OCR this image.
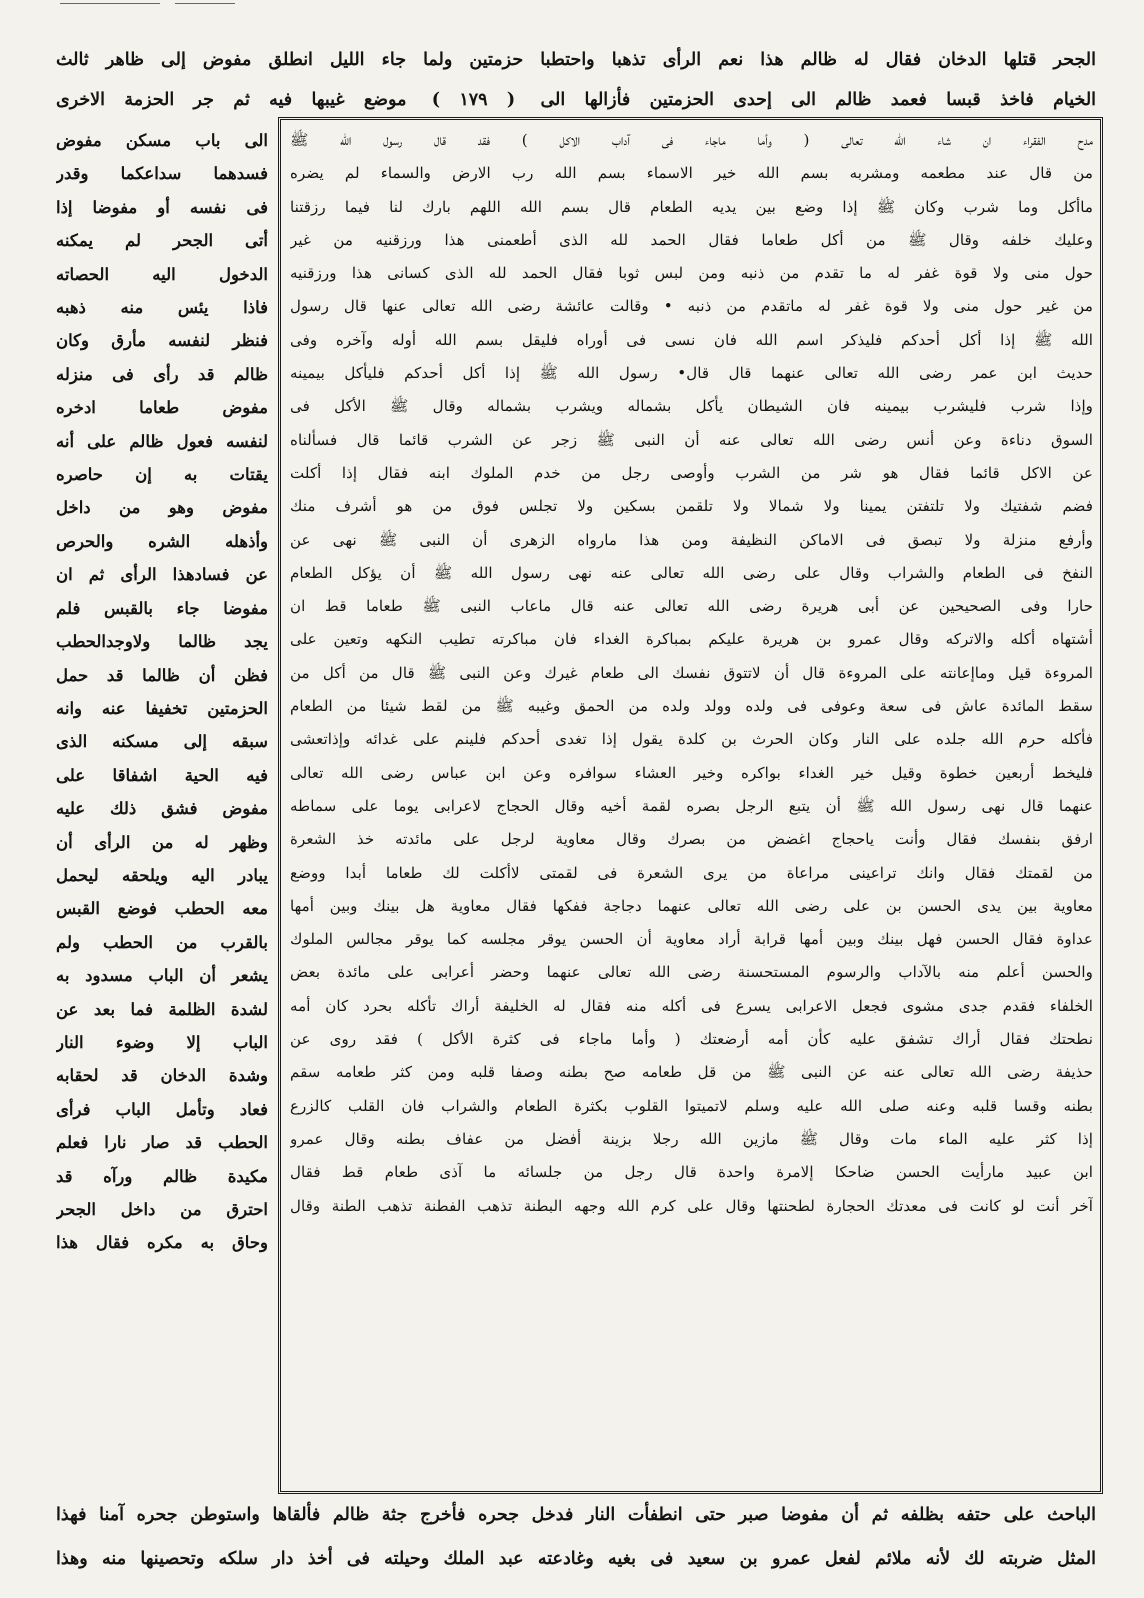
الجحر قتلها الدخان فقال له ظالم هذا نعم الرأى تذهبا واحتطبا حزمتين ولما جاء الليل انطلق مفوض إلى ظاهر ثالث
الخيام فاخذ قبسا فعمد ظالم الى إحدى الحزمتين فأزالها الى ( ١٧٩ ) موضع غيبها فيه ثم جر الحزمة الاخرى
الى باب مسكن مفوض
فسدهما سداعكما وقدر
فى نفسه أو مفوضا إذا
أتى الجحر لم يمكنه
الدخول اليه الحصاته
فاذا يئس منه ذهبه
فنظر لنفسه مأرق وكان
ظالم قد رأى فى منزله
مفوض طعاما ادخره
لنفسه فعول ظالم على أنه
يقتات به إن حاصره
مفوض وهو من داخل
وأذهله الشره والحرص
عن فسادهذا الرأى ثم ان
مفوضا جاء بالقبس فلم
يجد ظالما ولاوجدالحطب
فظن أن ظالما قد حمل
الحزمتين تخفيفا عنه وانه
سبقه إلى مسكنه الذى
فيه الحية اشفاقا على
مفوض فشق ذلك عليه
وظهر له من الرأى أن
يبادر اليه ويلحقه ليحمل
معه الحطب فوضع القبس
بالقرب من الحطب ولم
يشعر أن الباب مسدود به
لشدة الظلمة فما بعد عن
الباب إلا وضوء النار
وشدة الدخان قد لحقابه
فعاد وتأمل الباب فرأى
الحطب قد صار نارا فعلم
مكيدة ظالم ورآه قد
احترق من داخل الجحر
وحاق به مكره فقال هذا
مدح الفقراء ان شاء الله تعالى ( وأما ماجاء فى آداب الاكل ) فقد قال رسول الله ﷺ
من قال عند مطعمه ومشربه بسم الله خير الاسماء بسم الله رب الارض والسماء لم يضره
ماأكل وما شرب وكان ﷺ إذا وضع بين يديه الطعام قال بسم الله اللهم بارك لنا فيما رزقتنا
وعليك خلفه وقال ﷺ من أكل طعاما فقال الحمد لله الذى أطعمنى هذا ورزقنيه من غير
حول منى ولا قوة غفر له ما تقدم من ذنبه ومن لبس ثوبا فقال الحمد لله الذى كسانى هذا ورزقنيه
من غير حول منى ولا قوة غفر له ماتقدم من ذنبه • وقالت عائشة رضى الله تعالى عنها قال رسول
الله ﷺ إذا أكل أحدكم فليذكر اسم الله فان نسى فى أوراه فليقل بسم الله أوله وآخره وفى
حديث ابن عمر رضى الله تعالى عنهما قال قال• رسول الله ﷺ إذا أكل أحدكم فليأكل بيمينه
وإذا شرب فليشرب بيمينه فان الشيطان يأكل بشماله ويشرب بشماله وقال ﷺ الأكل فى
السوق دناءة وعن أنس رضى الله تعالى عنه أن النبى ﷺ زجر عن الشرب قائما قال فسألناه
عن الاكل قائما فقال هو شر من الشرب وأوصى رجل من خدم الملوك ابنه فقال إذا أكلت
فضم شفتيك ولا تلتفتن يمينا ولا شمالا ولا تلقمن بسكين ولا تجلس فوق من هو أشرف منك
وأرفع منزلة ولا تبصق فى الاماكن النظيفة ومن هذا مارواه الزهرى أن النبى ﷺ نهى عن
النفخ فى الطعام والشراب وقال على رضى الله تعالى عنه نهى رسول الله ﷺ أن يؤكل الطعام
حارا وفى الصحيحين عن أبى هريرة رضى الله تعالى عنه قال ماعاب النبى ﷺ طعاما قط ان
أشتهاه أكله والاتركه وقال عمرو بن هريرة عليكم بمباكرة الغداء فان مباكرته تطيب النكهه وتعين على
المروءة قيل وماإعانته على المروءة قال أن لاتتوق نفسك الى طعام غيرك وعن النبى ﷺ قال من أكل من
سقط المائدة عاش فى سعة وعوفى فى ولده وولد ولده من الحمق وغيبه ﷺ من لقط شيئا من الطعام
فأكله حرم الله جلده على النار وكان الحرث بن كلدة يقول إذا تغدى أحدكم فلينم على غدائه وإذاتعشى
فليخط أربعين خطوة وقيل خير الغداء بواكره وخير العشاء سوافره وعن ابن عباس رضى الله تعالى
عنهما قال نهى رسول الله ﷺ أن يتبع الرجل بصره لقمة أخيه وقال الحجاج لاعرابى يوما على سماطه
ارفق بنفسك فقال وأنت ياحجاج اغضض من بصرك وقال معاوية لرجل على مائدته خذ الشعرة
من لقمتك فقال وانك تراعينى مراعاة من يرى الشعرة فى لقمتى لاأكلت لك طعاما أبدا ووضع
معاوية بين يدى الحسن بن على رضى الله تعالى عنهما دجاجة ففكها فقال معاوية هل بينك وبين أمها
عداوة فقال الحسن فهل بينك وبين أمها قرابة أراد معاوية أن الحسن يوقر مجلسه كما يوقر مجالس الملوك
والحسن أعلم منه بالآداب والرسوم المستحسنة رضى الله تعالى عنهما وحضر أعرابى على مائدة بعض
الخلفاء فقدم جدى مشوى فجعل الاعرابى يسرع فى أكله منه فقال له الخليفة أراك تأكله بحرد كان أمه
نطحتك فقال أراك تشفق عليه كأن أمه أرضعتك ( وأما ماجاء فى كثرة الأكل ) فقد روى عن
حذيفة رضى الله تعالى عنه عن النبى ﷺ من قل طعامه صح بطنه وصفا قلبه ومن كثر طعامه سقم
بطنه وقسا قلبه وعنه صلى الله عليه وسلم لاتميتوا القلوب بكثرة الطعام والشراب فان القلب كالزرع
إذا كثر عليه الماء مات وقال ﷺ مازين الله رجلا بزينة أفضل من عفاف بطنه وقال عمرو
ابن عبيد مارأيت الحسن ضاحكا إلامرة واحدة قال رجل من جلسائه ما آذى طعام قط فقال
آخر أنت لو كانت فى معدتك الحجارة لطحنتها وقال على كرم الله وجهه البطنة تذهب الفطنة تذهب الطنة وقال
الباحث على حتفه بظلفه ثم أن مفوضا صبر حتى انطفأت النار فدخل جحره فأخرج جثة ظالم فألقاها واستوطن جحره آمنا فهذا
المثل ضربته لك لأنه ملائم لفعل عمرو بن سعيد فى بغيه وغادعته عبد الملك وحيلته فى أخذ دار سلكه وتحصينها منه وهذا
